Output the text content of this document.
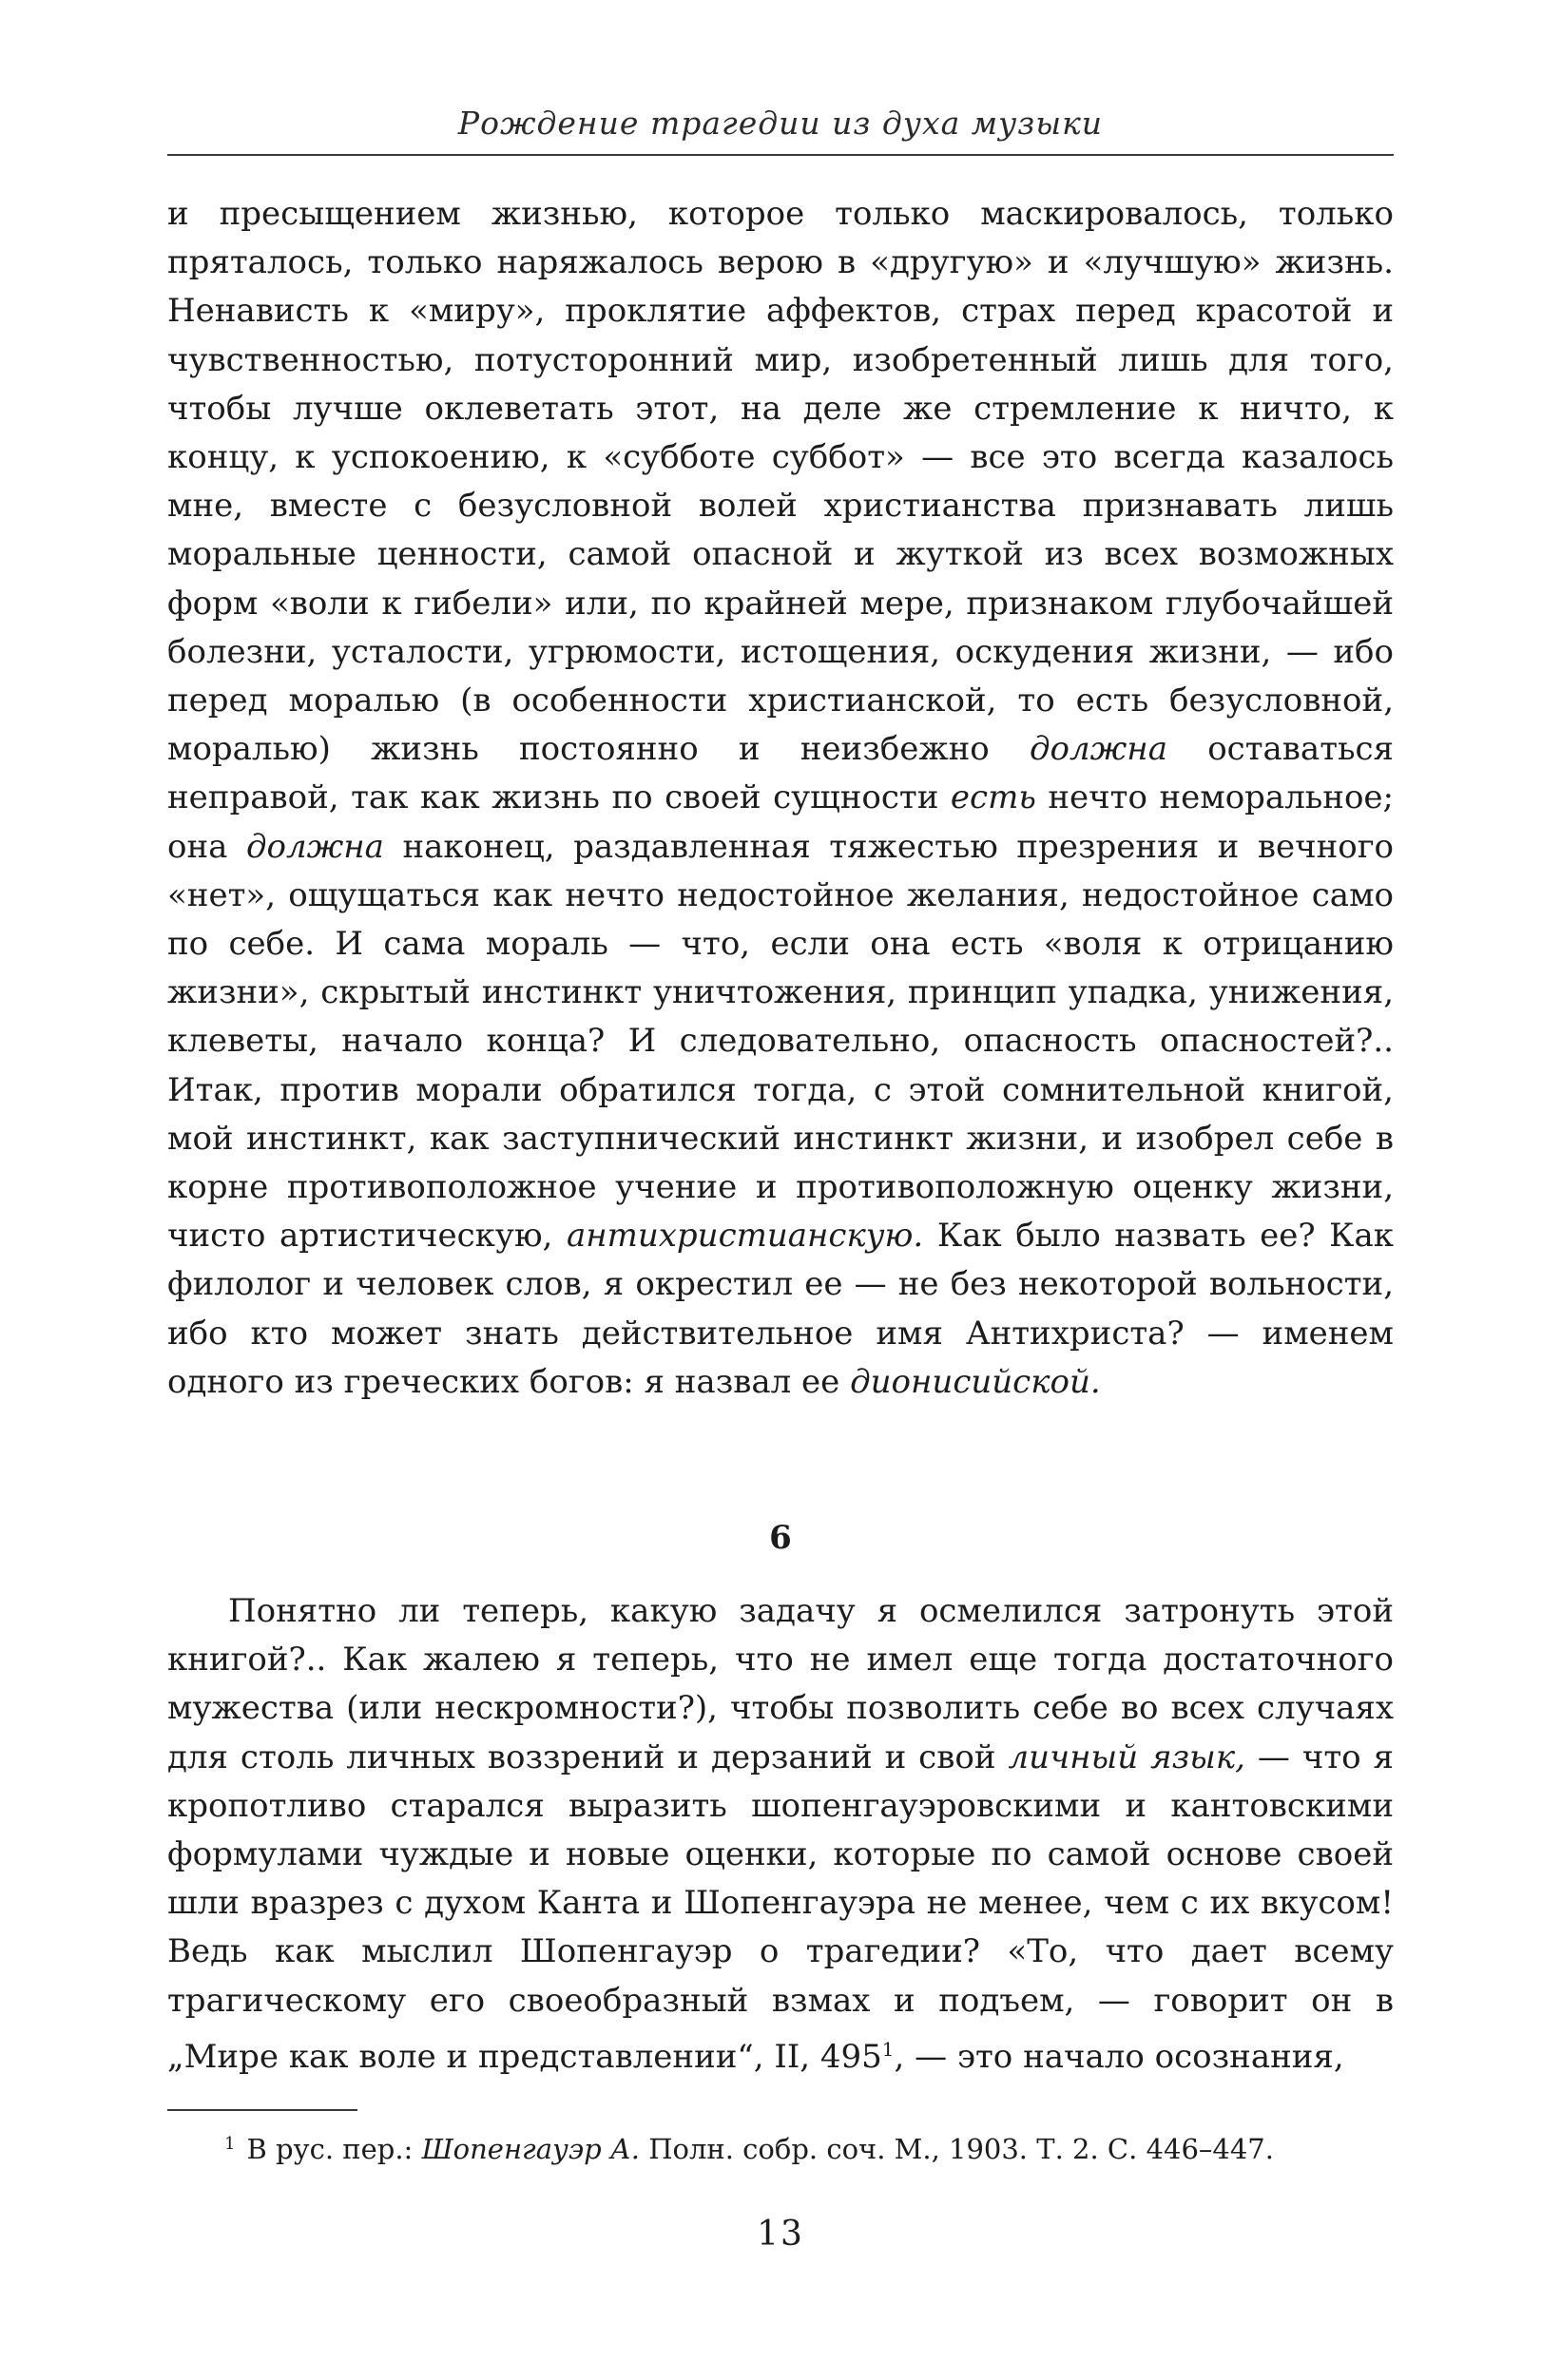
Рождение трагедии из духа музыки

и пресыщением жизнью, которое только маскировалось, только пряталось, только наряжалось верою в «другую» и «лучшую» жизнь. Ненависть к «миру», проклятие аффектов, страх перед красотой и чувственностью, потусторонний мир, изобретенный лишь для того, чтобы лучше оклеветать этот, на деле же стремление к ничто, к концу, к успокоению, к «субботе суббот» — все это всегда казалось мне, вместе с безусловной волей христианства признавать лишь моральные ценности, самой опасной и жуткой из всех возможных форм «воли к гибели» или, по крайней мере, признаком глубочайшей болезни, усталости, угрюмости, истощения, оскудения жизни, — ибо перед моралью (в особенности христианской, то есть безусловной, моралью) жизнь постоянно и неизбежно должна оставаться неправой, так как жизнь по своей сущности есть нечто неморальное; она должна наконец, раздавленная тяжестью презрения и вечного «нет», ощущаться как нечто недостойное желания, недостойное само по себе. И сама мораль — что, если она есть «воля к отрицанию жизни», скрытый инстинкт уничтожения, принцип упадка, унижения, клеветы, начало конца? И следовательно, опасность опасностей?.. Итак, против морали обратился тогда, с этой сомнительной книгой, мой инстинкт, как заступнический инстинкт жизни, и изобрел себе в корне противоположное учение и противоположную оценку жизни, чисто артистическую, антихристианскую. Как было назвать ее? Как филолог и человек слов, я окрестил ее — не без некоторой вольности, ибо кто может знать действительное имя Антихриста? — именем одного из греческих богов: я назвал ее дионисийской.

6

Понятно ли теперь, какую задачу я осмелился затронуть этой книгой?.. Как жалею я теперь, что не имел еще тогда достаточного мужества (или нескромности?), чтобы позволить себе во всех случаях для столь личных воззрений и дерзаний и свой личный язык, — что я кропотливо старался выразить шопенгауэровскими и кантовскими формулами чуждые и новые оценки, которые по самой основе своей шли вразрез с духом Канта и Шопенгауэра не менее, чем с их вкусом! Ведь как мыслил Шопенгауэр о трагедии? «То, что дает всему трагическому его своеобразный взмах и подъем, — говорит он в „Мире как воле и представлении“, II, 495$^1$, — это начало осознания,

$^1$ В рус. пер.: Шопенгауэр А. Полн. собр. соч. М., 1903. Т. 2. С. 446–447.
13
